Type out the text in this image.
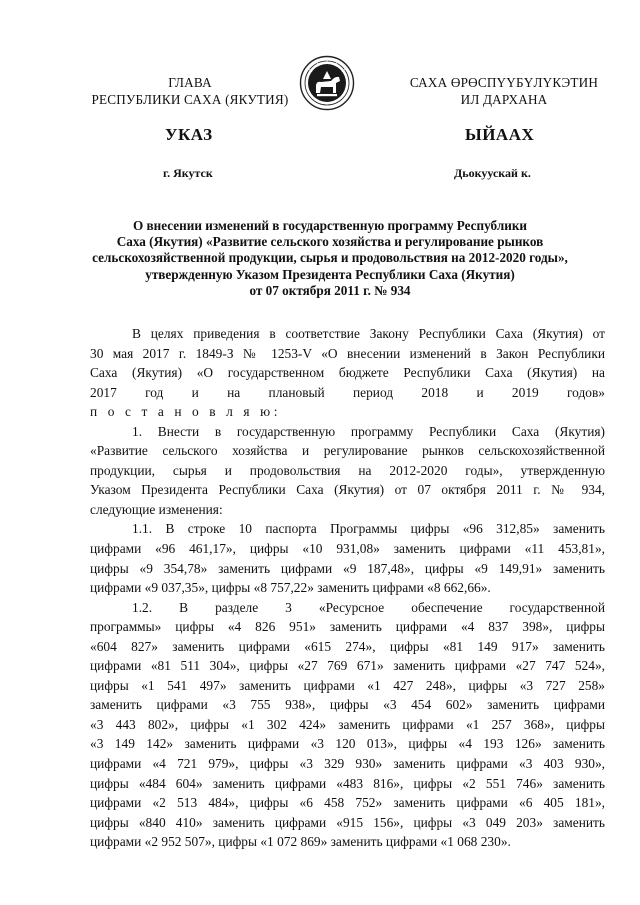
ГЛАВА
РЕСПУБЛИКИ САХА (ЯКУТИЯ)
САХА ӨРӨСПҮҮБҮЛҮКЭТИН
ИЛ ДАРХАНА
УКАЗ	ЫЙААХ
г. Якутск	Дьокуускай к.
О внесении изменений в государственную программу Республики
Саха (Якутия) «Развитие сельского хозяйства и регулирование рынков
сельскохозяйственной продукции, сырья и продовольствия на 2012-2020 годы»,
утвержденную Указом Президента Республики Саха (Якутия)
от 07 октября 2011 г. № 934
В целях приведения в соответствие Закону Республики Саха (Якутия) от
30 мая 2017 г. 1849-З № 1253-V «О внесении изменений в Закон Республики
Саха (Якутия) «О государственном бюджете Республики Саха (Якутия) на
2017 год и на плановый период 2018 и 2019 годов»
п о с т а н о в л я ю:
1. Внести в государственную программу Республики Саха (Якутия)
«Развитие сельского хозяйства и регулирование рынков сельскохозяйственной
продукции, сырья и продовольствия на 2012-2020 годы», утвержденную
Указом Президента Республики Саха (Якутия) от 07 октября 2011 г. № 934,
следующие изменения:
1.1. В строке 10 паспорта Программы цифры «96 312,85» заменить
цифрами «96 461,17», цифры «10 931,08» заменить цифрами «11 453,81»,
цифры «9 354,78» заменить цифрами «9 187,48», цифры «9 149,91» заменить
цифрами «9 037,35», цифры «8 757,22» заменить цифрами «8 662,66».
1.2. В разделе 3 «Ресурсное обеспечение государственной
программы» цифры «4 826 951» заменить цифрами «4 837 398», цифры
«604 827» заменить цифрами «615 274», цифры «81 149 917» заменить
цифрами «81 511 304», цифры «27 769 671» заменить цифрами «27 747 524»,
цифры «1 541 497» заменить цифрами «1 427 248», цифры «3 727 258»
заменить цифрами «3 755 938», цифры «3 454 602» заменить цифрами
«3 443 802», цифры «1 302 424» заменить цифрами «1 257 368», цифры
«3 149 142» заменить цифрами «3 120 013», цифры «4 193 126» заменить
цифрами «4 721 979», цифры «3 329 930» заменить цифрами «3 403 930»,
цифры «484 604» заменить цифрами «483 816», цифры «2 551 746» заменить
цифрами «2 513 484», цифры «6 458 752» заменить цифрами «6 405 181»,
цифры «840 410» заменить цифрами «915 156», цифры «3 049 203» заменить
цифрами «2 952 507», цифры «1 072 869» заменить цифрами «1 068 230».
